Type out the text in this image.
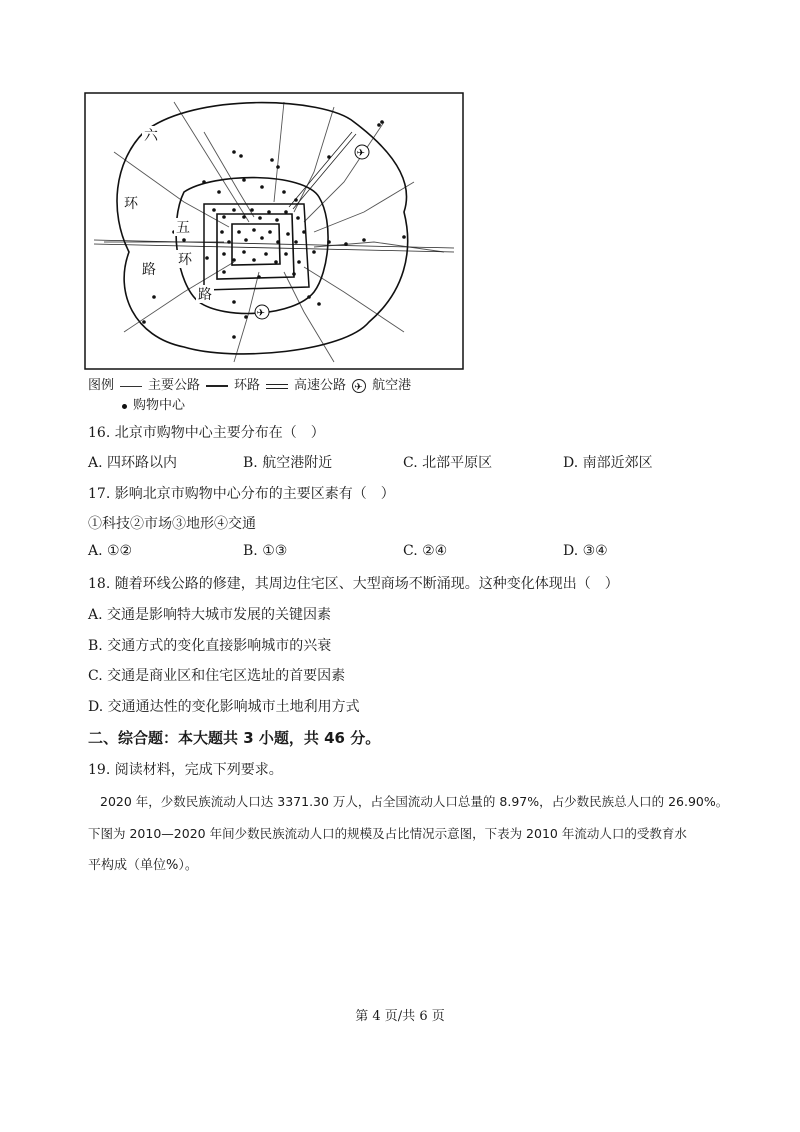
✈
✈
六
环
路
五
环
路
图例	主要公路	环路	高速公路
✈ 航空港
购物中心
16. 北京市购物中心主要分布在（　）
A. 四环路以内	B. 航空港附近	C. 北部平原区	D. 南部近郊区
17. 影响北京市购物中心分布的主要区素有（　）
①科技②市场③地形④交通
A. ①②	B. ①③	C. ②④	D. ③④
18. 随着环线公路的修建，其周边住宅区、大型商场不断涌现。这种变化体现出（　）
A. 交通是影响特大城市发展的关键因素
B. 交通方式的变化直接影响城市的兴衰
C. 交通是商业区和住宅区选址的首要因素
D. 交通通达性的变化影响城市土地利用方式
二、综合题：本大题共 3 小题，共 46 分。
19. 阅读材料，完成下列要求。
2020 年，少数民族流动人口达 3371.30 万人，占全国流动人口总量的 8.97%，占少数民族总人口的 26.90%。
下图为 2010—2020 年间少数民族流动人口的规模及占比情况示意图，下表为 2010 年流动人口的受教育水
平构成（单位%）。
第 4 页/共 6 页
